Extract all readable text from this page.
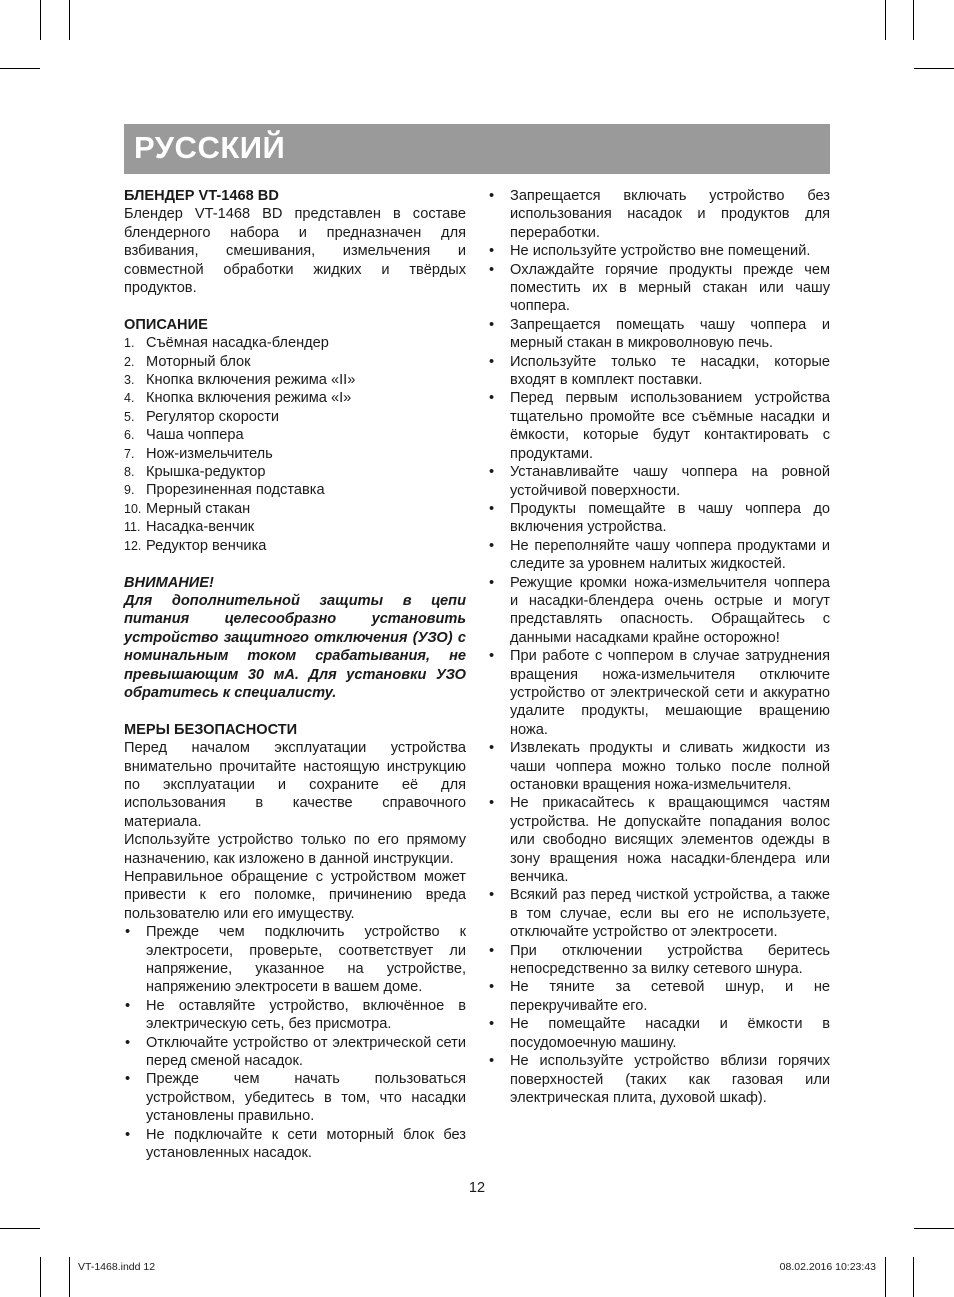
РУССКИЙ
БЛЕНДЕР VT-1468 BD

Блендер VT-1468 BD представлен в составе блендерного набора и предназначен для взбивания, смешивания, измельчения и совместной обработки жидких и твёрдых продуктов.

ОПИСАНИЕ
1. Съёмная насадка-блендер
2. Моторный блок
3. Кнопка включения режима «II»
4. Кнопка включения режима «I»
5. Регулятор скорости
6. Чаша чоппера
7. Нож-измельчитель
8. Крышка-редуктор
9. Прорезиненная подставка
10. Мерный стакан
11. Насадка-венчик
12. Редуктор венчика
ВНИМАНИЕ!

Для дополнительной защиты в цепи питания целесообразно установить устройство защитного отключения (УЗО) с номинальным током срабатывания, не превышающим 30 мА. Для установки УЗО обратитесь к специалисту.

МЕРЫ БЕЗОПАСНОСТИ

Перед началом эксплуатации устройства внимательно прочитайте настоящую инструкцию по эксплуатации и сохраните её для использования в качестве справочного материала.

Используйте устройство только по его прямому назначению, как изложено в данной инструкции.

Неправильное обращение с устройством может привести к его поломке, причинению вреда пользователю или его имуществу.

• Прежде чем подключить устройство к электросети, проверьте, соответствует ли напряжение, указанное на устройстве, напряжению электросети в вашем доме.
• Не оставляйте устройство, включённое в электрическую сеть, без присмотра.
• Отключайте устройство от электрической сети перед сменой насадок.
• Прежде чем начать пользоваться устройством, убедитесь в том, что насадки установлены правильно.
• Не подключайте к сети моторный блок без установленных насадок.
• Запрещается включать устройство без использования насадок и продуктов для переработки.
• Не используйте устройство вне помещений.
• Охлаждайте горячие продукты прежде чем поместить их в мерный стакан или чашу чоппера.
• Запрещается помещать чашу чоппера и мерный стакан в микроволновую печь.
• Используйте только те насадки, которые входят в комплект поставки.
• Перед первым использованием устройства тщательно промойте все съёмные насадки и ёмкости, которые будут контактировать с продуктами.
• Устанавливайте чашу чоппера на ровной устойчивой поверхности.
• Продукты помещайте в чашу чоппера до включения устройства.
• Не переполняйте чашу чоппера продуктами и следите за уровнем налитых жидкостей.
• Режущие кромки ножа-измельчителя чоппера и насадки-блендера очень острые и могут представлять опасность. Обращайтесь с данными насадками крайне осторожно!
• При работе с чоппером в случае затруднения вращения ножа-измельчителя отключите устройство от электрической сети и аккуратно удалите продукты, мешающие вращению ножа.
• Извлекать продукты и сливать жидкости из чаши чоппера можно только после полной остановки вращения ножа-измельчителя.
• Не прикасайтесь к вращающимся частям устройства. Не допускайте попадания волос или свободно висящих элементов одежды в зону вращения ножа насадки-блендера или венчика.
• Всякий раз перед чисткой устройства, а также в том случае, если вы его не используете, отключайте устройство от электросети.
• При отключении устройства беритесь непосредственно за вилку сетевого шнура.
• Не тяните за сетевой шнур, и не перекручивайте его.
• Не помещайте насадки и ёмкости в посудомоечную машину.
• Не используйте устройство вблизи горячих поверхностей (таких как газовая или электрическая плита, духовой шкаф).
12
VT-1468.indd 12	08.02.2016 10:23:43
